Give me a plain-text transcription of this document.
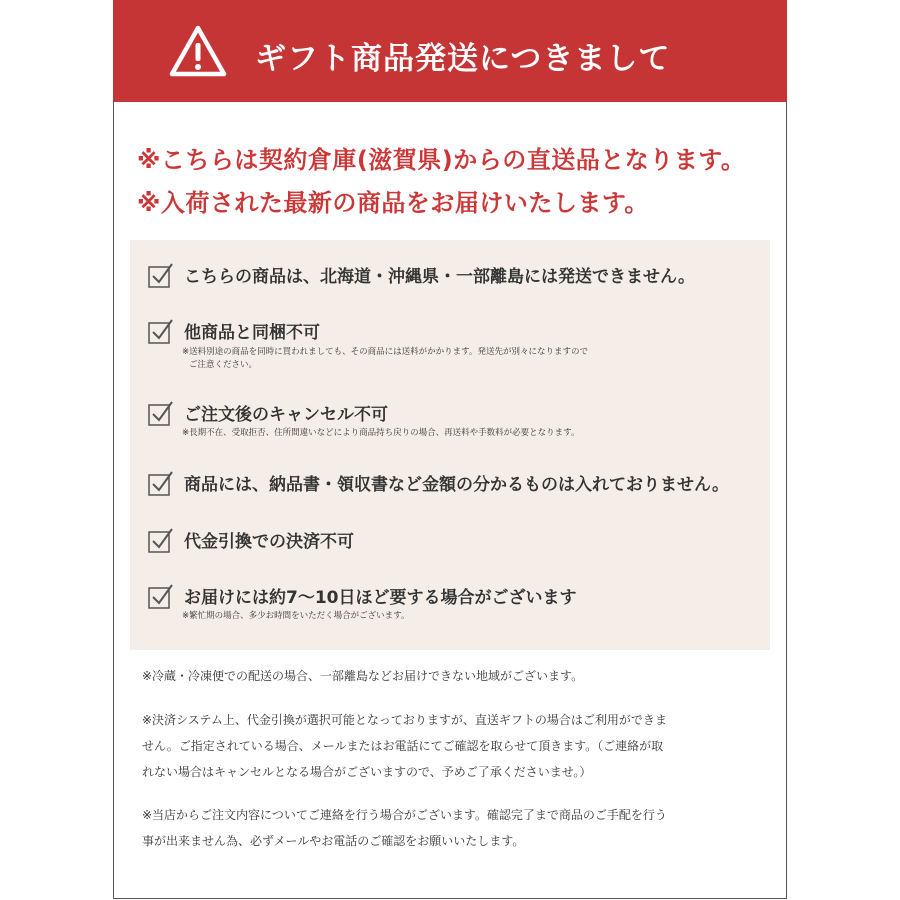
ギフト商品発送につきまして
※こちらは契約倉庫(滋賀県)からの直送品となります。
※入荷された最新の商品をお届けいたします。
こちらの商品は、北海道・沖縄県・一部離島には発送できません。
他商品と同梱不可
※送料別途の商品を同時に買われましても、その商品には送料がかかります。発送先が別々になりますので
ご注意ください。
ご注文後のキャンセル不可
※長期不在、受取拒否、住所間違いなどにより商品持ち戻りの場合、再送料や手数料が必要となります。
商品には、納品書・領収書など金額の分かるものは入れておりません。
代金引換での決済不可
お届けには約7〜10日ほど要する場合がございます
※繁忙期の場合、多少お時間をいただく場合がございます。
※冷蔵・冷凍便での配送の場合、一部離島などお届けできない地域がございます。
※決済システム上、代金引換が選択可能となっておりますが、直送ギフトの場合はご利用ができま
せん。ご指定されている場合、メールまたはお電話にてご確認を取らせて頂きます。（ご連絡が取
れない場合はキャンセルとなる場合がございますので、予めご了承くださいませ。）
※当店からご注文内容についてご連絡を行う場合がございます。確認完了まで商品のご手配を行う
事が出来ません為、必ずメールやお電話のご確認をお願いいたします。
